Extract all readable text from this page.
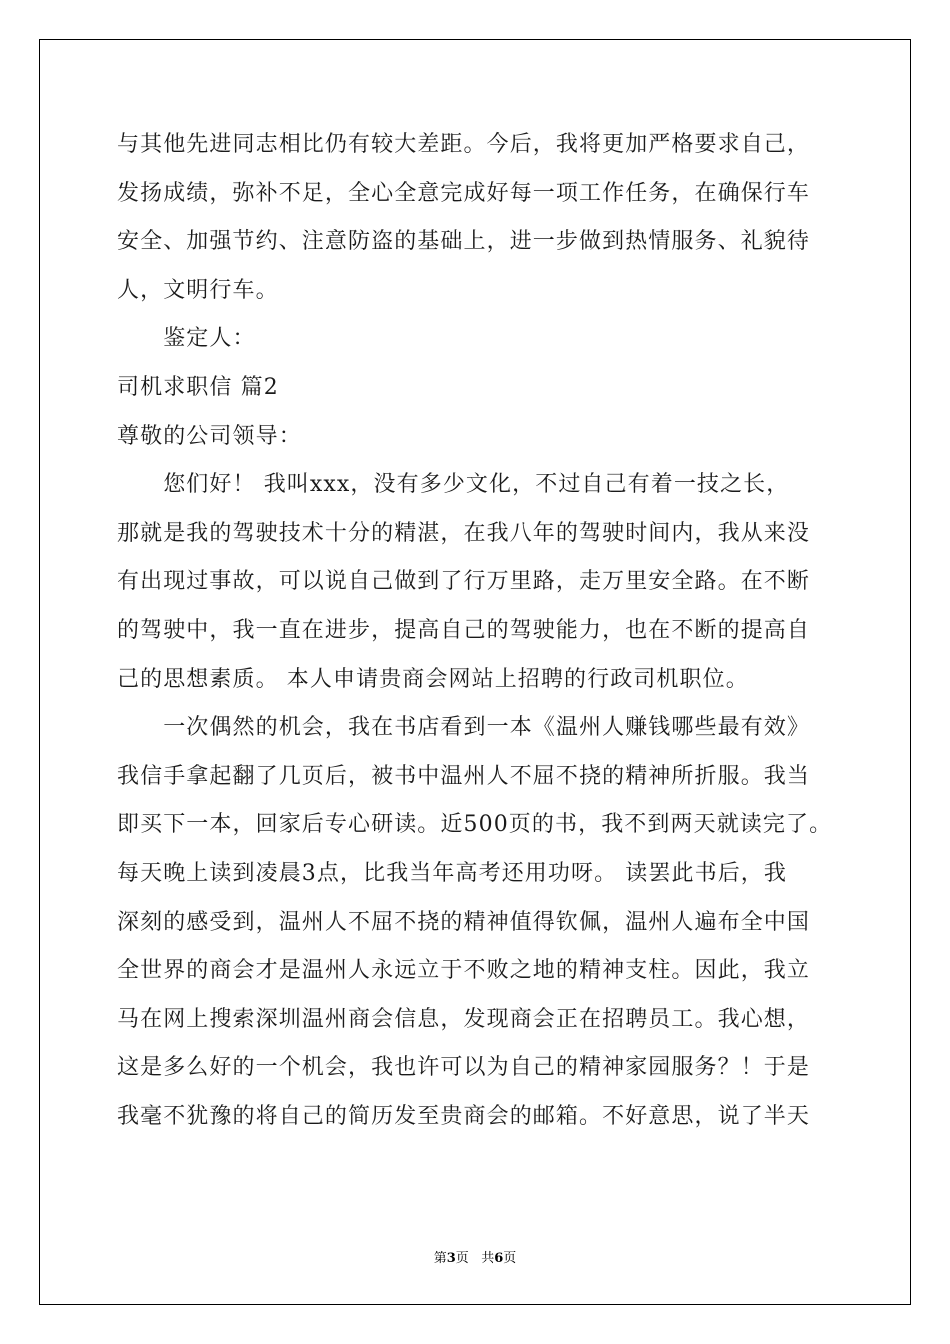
与其他先进同志相比仍有较大差距。今后，我将更加严格要求自己，
发扬成绩，弥补不足，全心全意完成好每一项工作任务，在确保行车
安全、加强节约、注意防盗的基础上，进一步做到热情服务、礼貌待
人，文明行车。
　　鉴定人：
司机求职信 篇2
尊敬的公司领导：
　　您们好！ 我叫xxx，没有多少文化，不过自己有着一技之长，
那就是我的驾驶技术十分的精湛，在我八年的驾驶时间内，我从来没
有出现过事故，可以说自己做到了行万里路，走万里安全路。在不断
的驾驶中，我一直在进步，提高自己的驾驶能力，也在不断的提高自
己的思想素质。 本人申请贵商会网站上招聘的行政司机职位。
　　一次偶然的机会，我在书店看到一本《温州人赚钱哪些最有效》
我信手拿起翻了几页后，被书中温州人不屈不挠的精神所折服。我当
即买下一本，回家后专心研读。近500页的书，我不到两天就读完了。
每天晚上读到凌晨3点，比我当年高考还用功呀。 读罢此书后，我
深刻的感受到，温州人不屈不挠的精神值得钦佩，温州人遍布全中国
全世界的商会才是温州人永远立于不败之地的精神支柱。因此，我立
马在网上搜索深圳温州商会信息，发现商会正在招聘员工。我心想，
这是多么好的一个机会，我也许可以为自己的精神家园服务？！于是
我毫不犹豫的将自己的简历发至贵商会的邮箱。不好意思，说了半天
第3页 共6页
